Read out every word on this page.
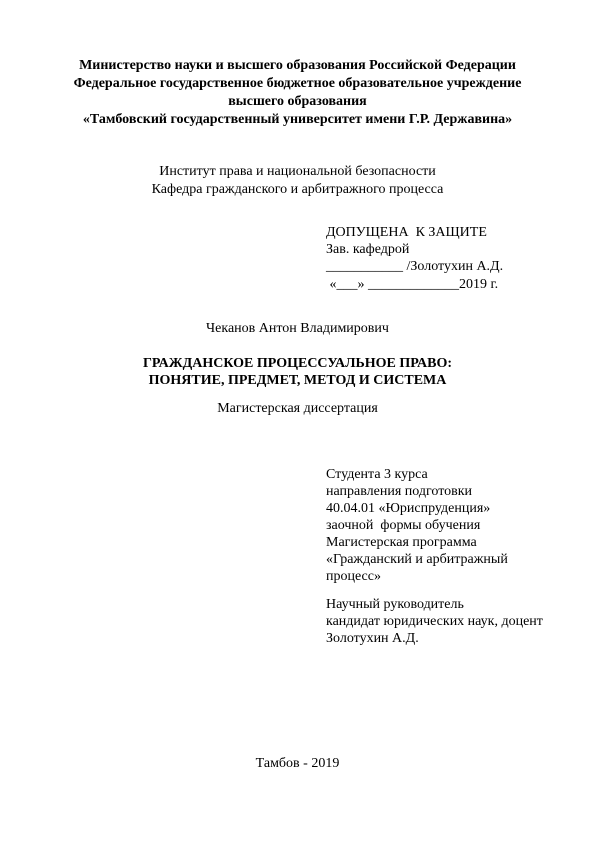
Министерство науки и высшего образования Российской Федерации
Федеральное государственное бюджетное образовательное учреждение
высшего образования
«Тамбовский государственный университет имени Г.Р. Державина»
Институт права и национальной безопасности
Кафедра гражданского и арбитражного процесса
ДОПУЩЕНА  К ЗАЩИТЕ
Зав. кафедрой
___________ /Золотухин А.Д.
«___» _____________2019 г.
Чеканов Антон Владимирович
ГРАЖДАНСКОЕ ПРОЦЕССУАЛЬНОЕ ПРАВО:
ПОНЯТИЕ, ПРЕДМЕТ, МЕТОД И СИСТЕМА
Магистерская диссертация
Студента 3 курса
направления подготовки
40.04.01 «Юриспруденция»
заочной  формы обучения
Магистерская программа
«Гражданский и арбитражный
процесс»
Научный руководитель
кандидат юридических наук, доцент
Золотухин А.Д.
Тамбов - 2019
